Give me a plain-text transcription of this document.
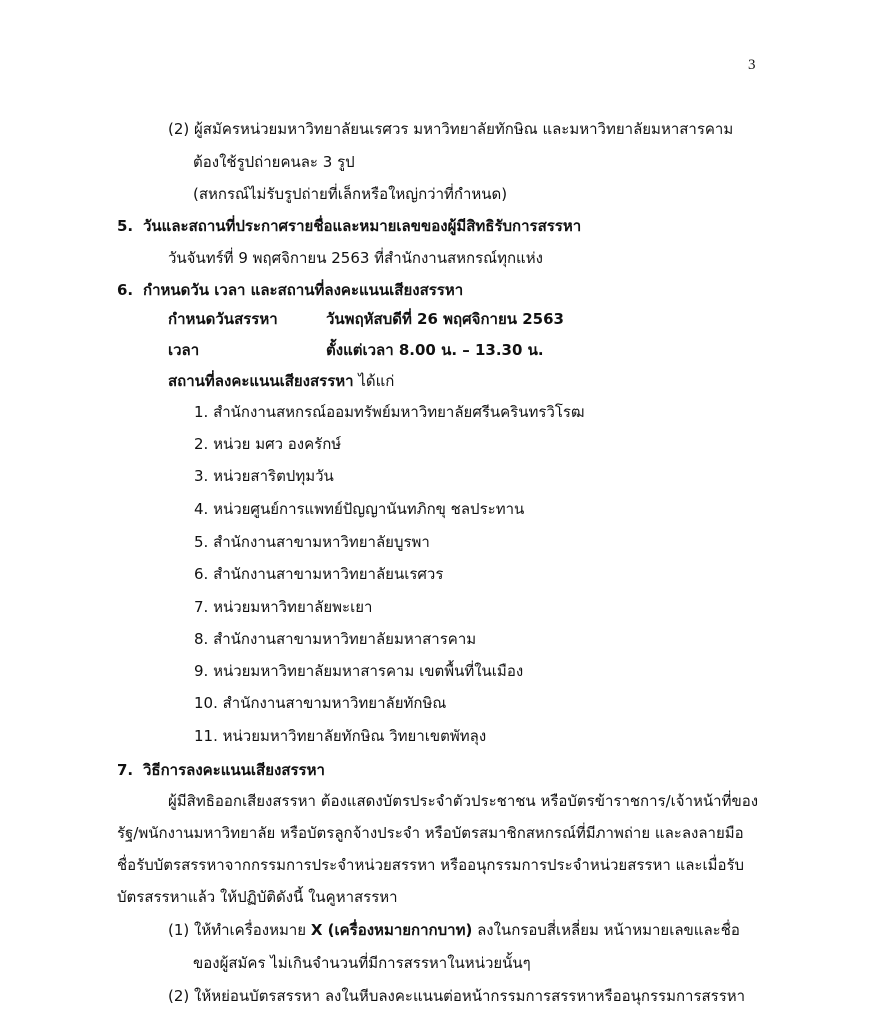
3
(2) ผู้สมัครหน่วยมหาวิทยาลัยนเรศวร มหาวิทยาลัยทักษิณ และมหาวิทยาลัยมหาสารคาม
ต้องใช้รูปถ่ายคนละ 3 รูป
(สหกรณ์ไม่รับรูปถ่ายที่เล็กหรือใหญ่กว่าที่กำหนด)
5. วันและสถานที่ประกาศรายชื่อและหมายเลขของผู้มีสิทธิรับการสรรหา
วันจันทร์ที่ 9 พฤศจิกายน 2563 ที่สำนักงานสหกรณ์ทุกแห่ง
6. กำหนดวัน เวลา และสถานที่ลงคะแนนเสียงสรรหา
กำหนดวันสรรหา	วันพฤหัสบดีที่ 26 พฤศจิกายน 2563
เวลา	ตั้งแต่เวลา 8.00 น. – 13.30 น.
สถานที่ลงคะแนนเสียงสรรหา ได้แก่
1. สำนักงานสหกรณ์ออมทรัพย์มหาวิทยาลัยศรีนครินทรวิโรฒ
2. หน่วย มศว องครักษ์
3. หน่วยสาริตปทุมวัน
4. หน่วยศูนย์การแพทย์ปัญญานันทภิกขุ ชลประทาน
5. สำนักงานสาขามหาวิทยาลัยบูรพา
6. สำนักงานสาขามหาวิทยาลัยนเรศวร
7. หน่วยมหาวิทยาลัยพะเยา
8. สำนักงานสาขามหาวิทยาลัยมหาสารคาม
9. หน่วยมหาวิทยาลัยมหาสารคาม เขตพื้นที่ในเมือง
10. สำนักงานสาขามหาวิทยาลัยทักษิณ
11. หน่วยมหาวิทยาลัยทักษิณ วิทยาเขตพัทลุง
7. วิธีการลงคะแนนเสียงสรรหา
ผู้มีสิทธิออกเสียงสรรหา ต้องแสดงบัตรประจำตัวประชาชน หรือบัตรข้าราชการ/เจ้าหน้าที่ของ
รัฐ/พนักงานมหาวิทยาลัย หรือบัตรลูกจ้างประจำ หรือบัตรสมาชิกสหกรณ์ที่มีภาพถ่าย และลงลายมือ
ชื่อรับบัตรสรรหาจากกรรมการประจำหน่วยสรรหา หรืออนุกรรมการประจำหน่วยสรรหา และเมื่อรับ
บัตรสรรหาแล้ว ให้ปฏิบัติดังนี้ ในคูหาสรรหา
(1) ให้ทำเครื่องหมาย X (เครื่องหมายกากบาท) ลงในกรอบสี่เหลี่ยม หน้าหมายเลขและชื่อ
ของผู้สมัคร ไม่เกินจำนวนที่มีการสรรหาในหน่วยนั้นๆ
(2) ให้หย่อนบัตรสรรหา ลงในหีบลงคะแนนต่อหน้ากรรมการสรรหาหรืออนุกรรมการสรรหา
